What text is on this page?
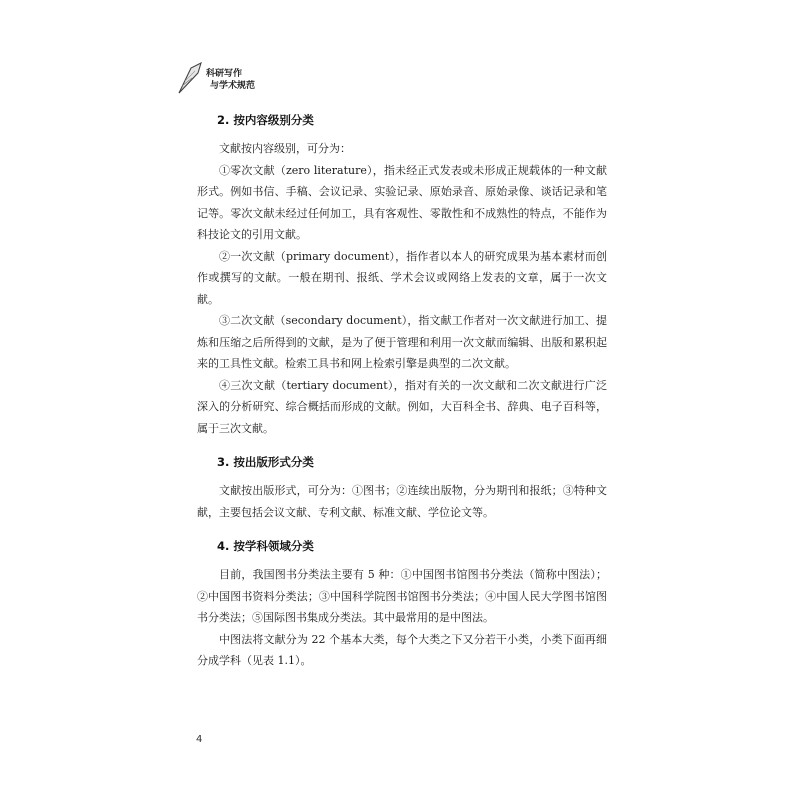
科研写作
与学术规范
2. 按内容级别分类

文献按内容级别，可分为：

①零次文献（zero literature），指未经正式发表或未形成正规载体的一种文献形式。例如书信、手稿、会议记录、实验记录、原始录音、原始录像、谈话记录和笔记等。零次文献未经过任何加工，具有客观性、零散性和不成熟性的特点，不能作为科技论文的引用文献。

②一次文献（primary document），指作者以本人的研究成果为基本素材而创作或撰写的文献。一般在期刊、报纸、学术会议或网络上发表的文章，属于一次文献。

③二次文献（secondary document），指文献工作者对一次文献进行加工、提炼和压缩之后所得到的文献，是为了便于管理和利用一次文献而编辑、出版和累积起来的工具性文献。检索工具书和网上检索引擎是典型的二次文献。

④三次文献（tertiary document），指对有关的一次文献和二次文献进行广泛深入的分析研究、综合概括而形成的文献。例如，大百科全书、辞典、电子百科等，属于三次文献。

3. 按出版形式分类

文献按出版形式，可分为：①图书；②连续出版物，分为期刊和报纸；③特种文献，主要包括会议文献、专利文献、标准文献、学位论文等。

4. 按学科领域分类

目前，我国图书分类法主要有 5 种：①中国图书馆图书分类法（简称中图法）；②中国图书资料分类法；③中国科学院图书馆图书分类法；④中国人民大学图书馆图书分类法；⑤国际图书集成分类法。其中最常用的是中图法。

中图法将文献分为 22 个基本大类，每个大类之下又分若干小类，小类下面再细分成学科（见表 1.1）。

4
